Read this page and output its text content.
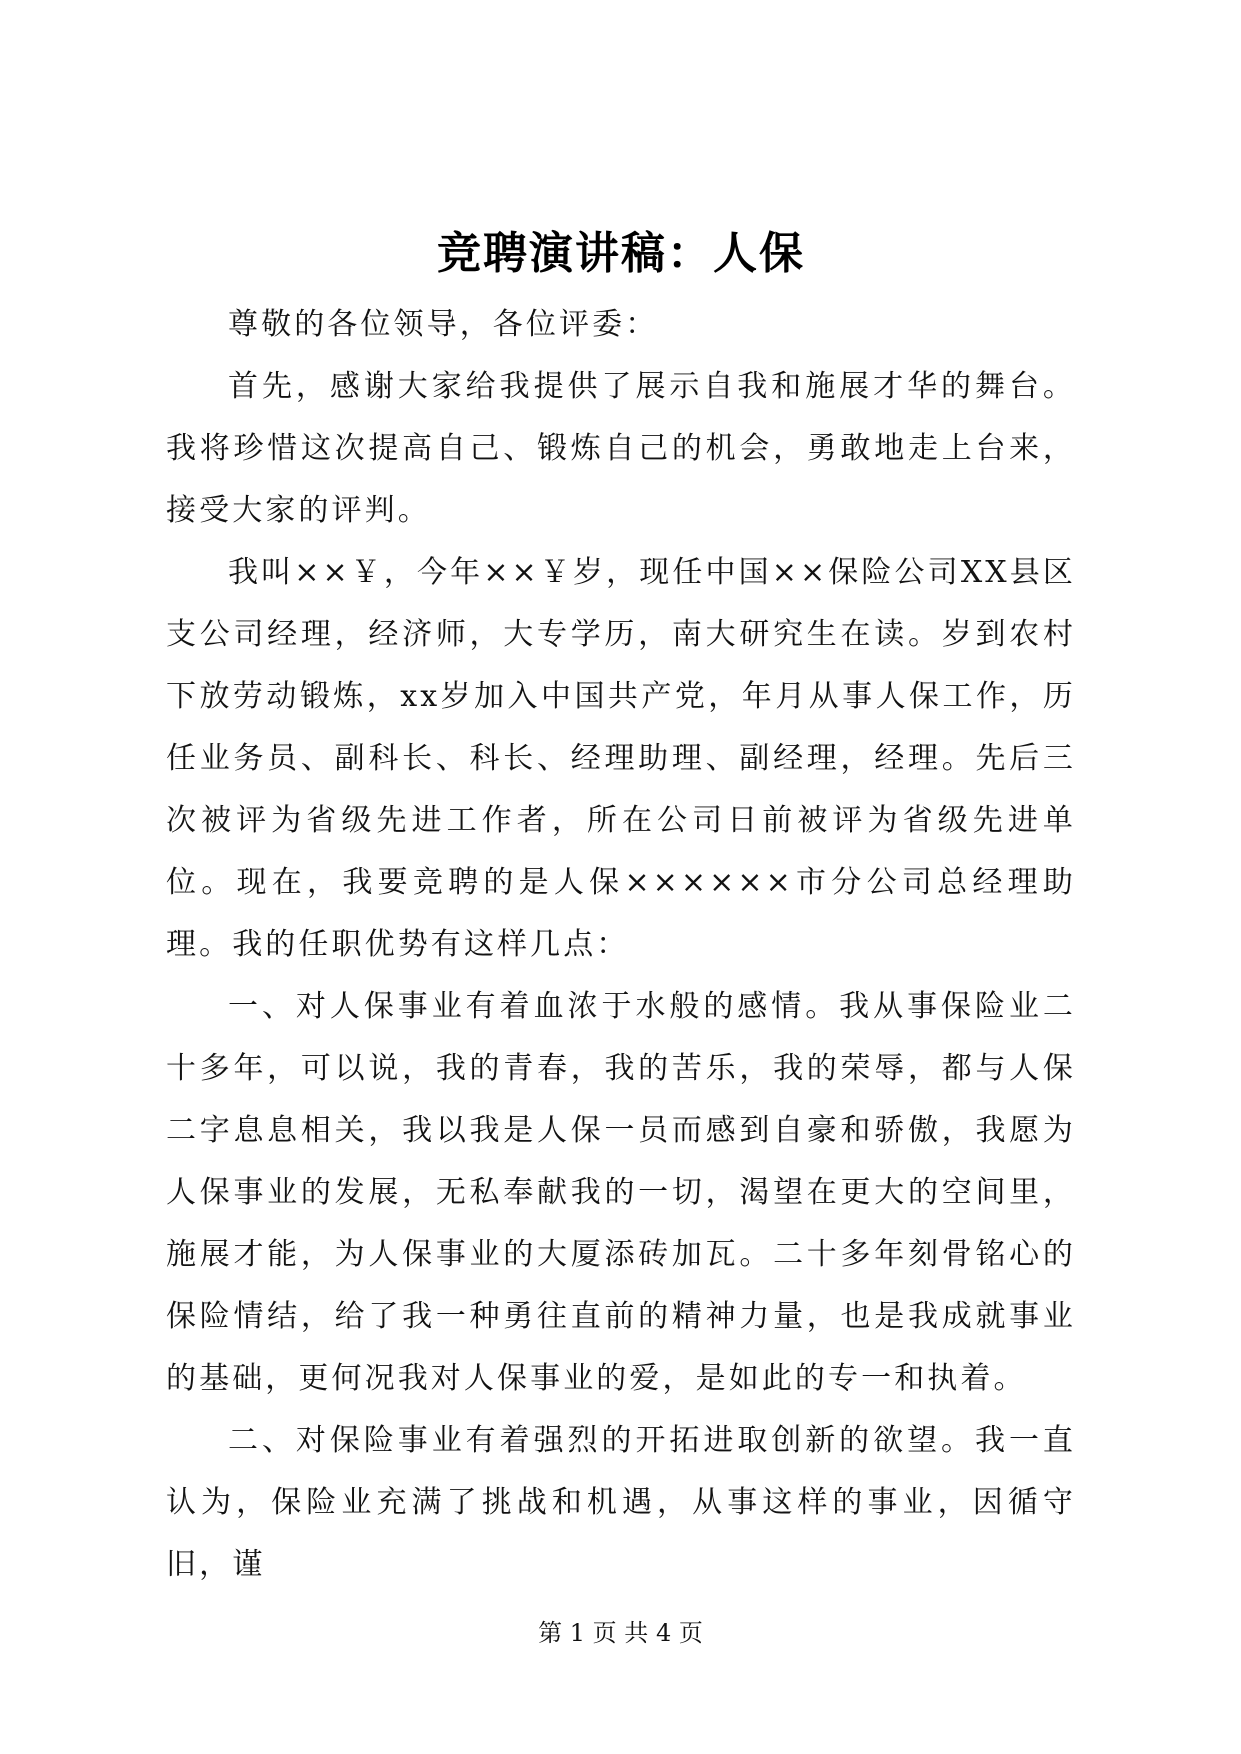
竞聘演讲稿：人保

尊敬的各位领导，各位评委：

首先，感谢大家给我提供了展示自我和施展才华的舞台。我将珍惜这次提高自己、锻炼自己的机会，勇敢地走上台来，接受大家的评判。

我叫××￥，今年××￥岁，现任中国××保险公司XX县区支公司经理，经济师，大专学历，南大研究生在读。岁到农村下放劳动锻炼，xx岁加入中国共产党，年月从事人保工作，历任业务员、副科长、科长、经理助理、副经理，经理。先后三次被评为省级先进工作者，所在公司日前被评为省级先进单位。现在，我要竞聘的是人保××××××市分公司总经理助理。我的任职优势有这样几点：

一、对人保事业有着血浓于水般的感情。我从事保险业二十多年，可以说，我的青春，我的苦乐，我的荣辱，都与人保二字息息相关，我以我是人保一员而感到自豪和骄傲，我愿为人保事业的发展，无私奉献我的一切，渴望在更大的空间里，施展才能，为人保事业的大厦添砖加瓦。二十多年刻骨铭心的保险情结，给了我一种勇往直前的精神力量，也是我成就事业的基础，更何况我对人保事业的爱，是如此的专一和执着。

二、对保险事业有着强烈的开拓进取创新的欲望。我一直认为，保险业充满了挑战和机遇，从事这样的事业，因循守旧，谨

第 1 页 共 4 页
